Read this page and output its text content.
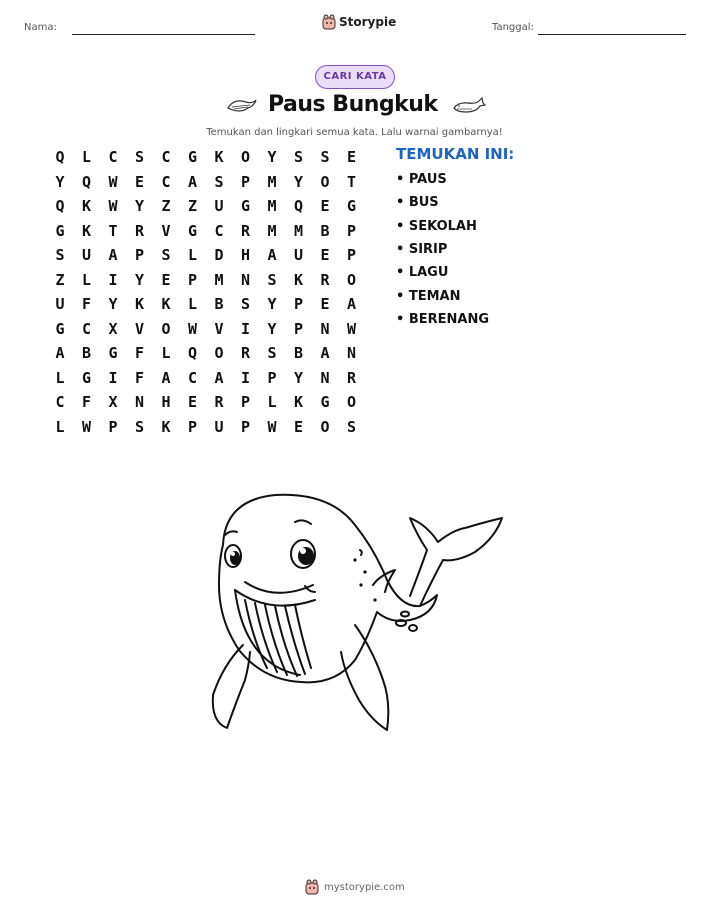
Nama:	Storypie	Tanggal:
CARI KATA
Paus Bungkuk
Temukan dan lingkari semua kata. Lalu warnai gambarnya!
Q	L	C	S	C	G	K	O	Y	S	S	E
Y	Q	W	E	C	A	S	P	M	Y	O	T
Q	K	W	Y	Z	Z	U	G	M	Q	E	G
G	K	T	R	V	G	C	R	M	M	B	P
S	U	A	P	S	L	D	H	A	U	E	P
Z	L	I	Y	E	P	M	N	S	K	R	O
U	F	Y	K	K	L	B	S	Y	P	E	A
G	C	X	V	O	W	V	I	Y	P	N	W
A	B	G	F	L	Q	O	R	S	B	A	N
L	G	I	F	A	C	A	I	P	Y	N	R
C	F	X	N	H	E	R	P	L	K	G	O
L	W	P	S	K	P	U	P	W	E	O	S
TEMUKAN INI:
• PAUS
• BUS
• SEKOLAH
• SIRIP
• LAGU
• TEMAN
• BERENANG
mystorypie.com
